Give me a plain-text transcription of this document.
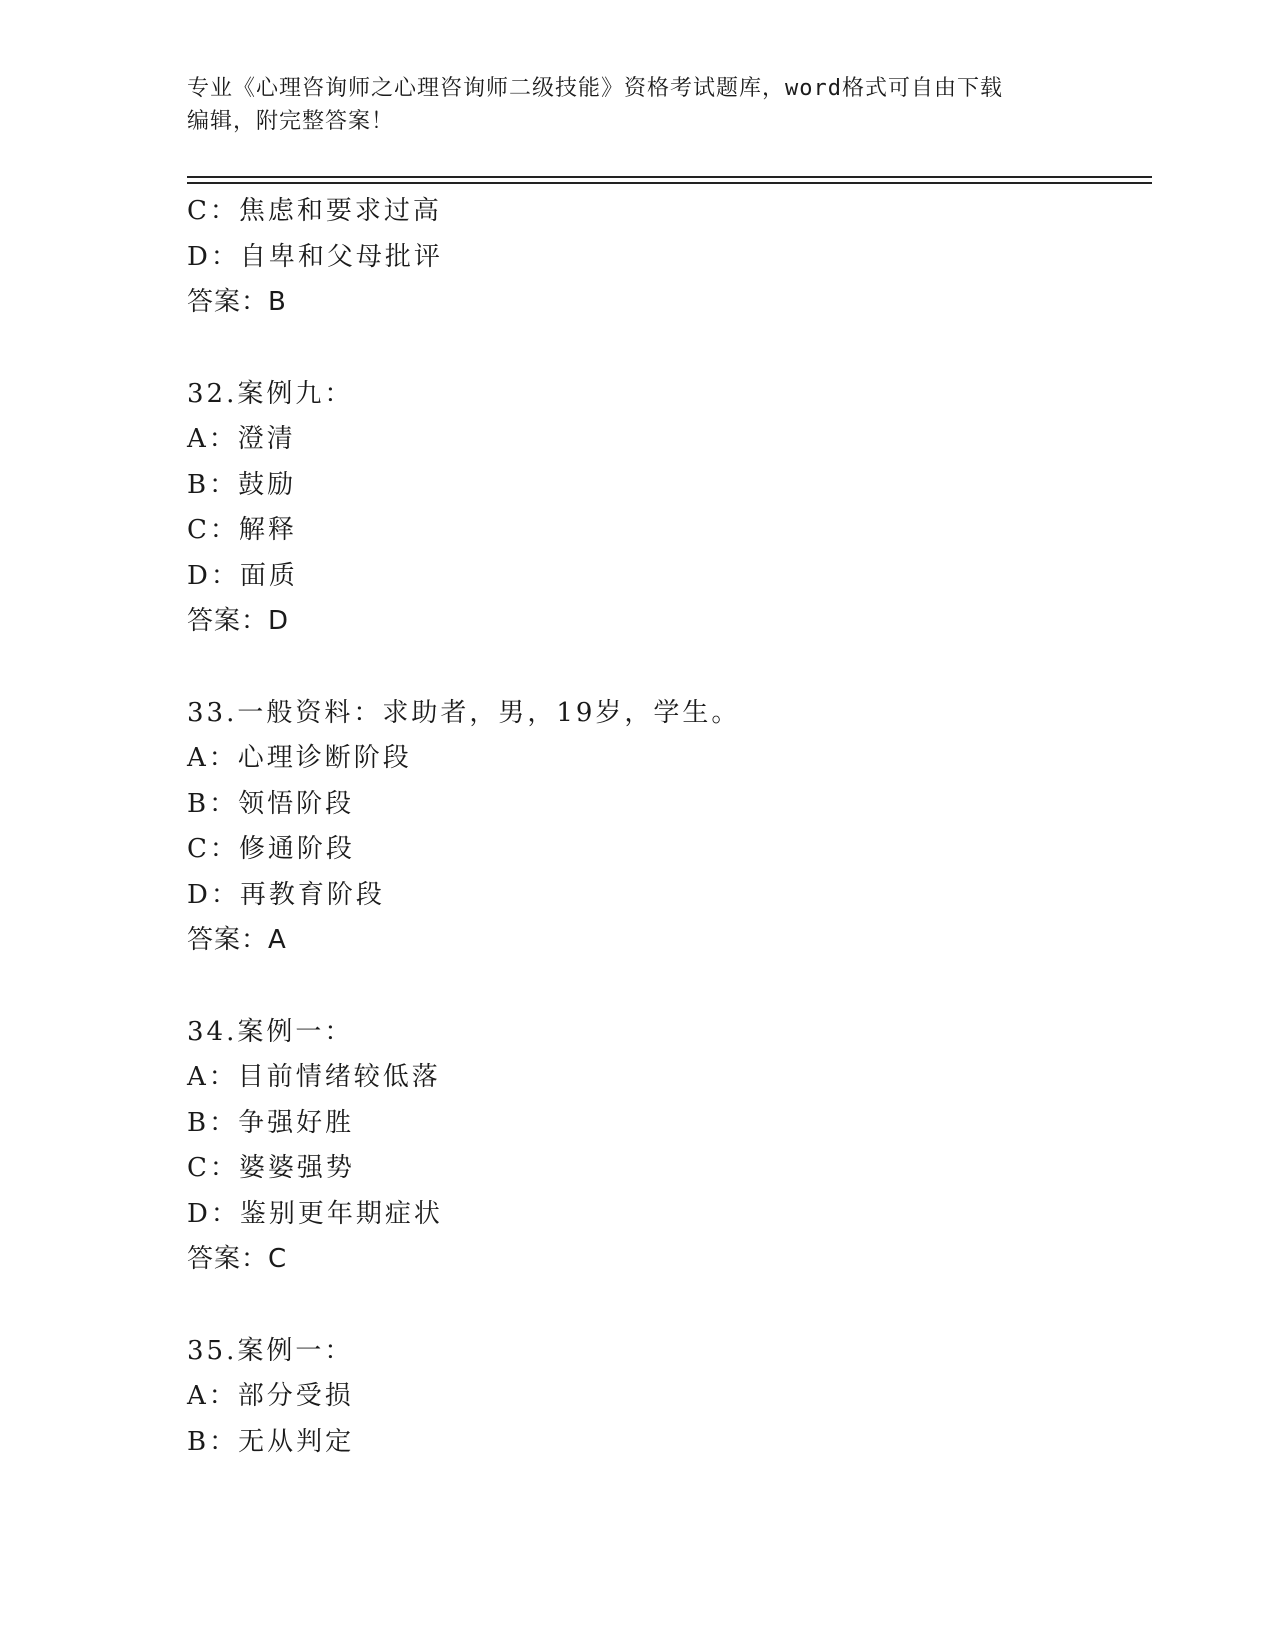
专业《心理咨询师之心理咨询师二级技能》资格考试题库，word格式可自由下载
编辑，附完整答案！
C：焦虑和要求过高
D：自卑和父母批评
答案：B
32.案例九：
A：澄清
B：鼓励
C：解释
D：面质
答案：D
33.一般资料：求助者，男，19岁，学生。
A：心理诊断阶段
B：领悟阶段
C：修通阶段
D：再教育阶段
答案：A
34.案例一：
A：目前情绪较低落
B：争强好胜
C：婆婆强势
D：鉴别更年期症状
答案：C
35.案例一：
A：部分受损
B：无从判定
